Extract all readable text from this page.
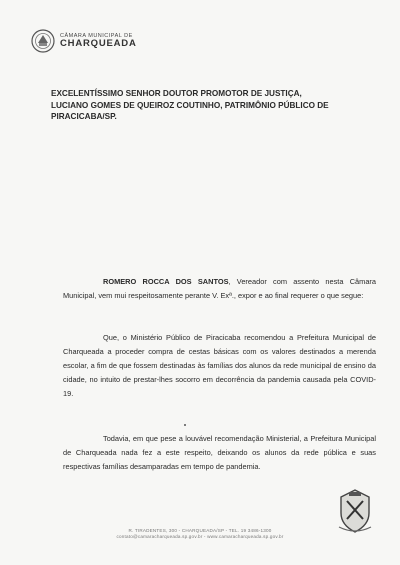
CÂMARA MUNICIPAL DE
CHARQUEADA
EXCELENTÍSSIMO SENHOR DOUTOR PROMOTOR DE JUSTIÇA,
LUCIANO GOMES DE QUEIROZ COUTINHO, PATRIMÔNIO PÚBLICO DE
PIRACICABA/SP.
ROMERO ROCCA DOS SANTOS, Vereador com assento nesta Câmara Municipal, vem mui respeitosamente perante V. Exª., expor e ao final requerer o que segue:
Que, o Ministério Público de Piracicaba recomendou a Prefeitura Municipal de Charqueada a proceder compra de cestas básicas com os valores destinados a merenda escolar, a fim de que fossem destinadas às famílias dos alunos da rede municipal de ensino da cidade, no intuito de prestar-lhes socorro em decorrência da pandemia causada pela COVID-19.
Todavia, em que pese a louvável recomendação Ministerial, a Prefeitura Municipal de Charqueada nada fez a este respeito, deixando os alunos da rede pública e suas respectivas famílias desamparadas em tempo de pandemia.
R. TIRADENTES, 300 - CHARQUEADA/SP - TEL. 19 3486-1300
contato@camaracharqueada.sp.gov.br - www.camaracharqueada.sp.gov.br
